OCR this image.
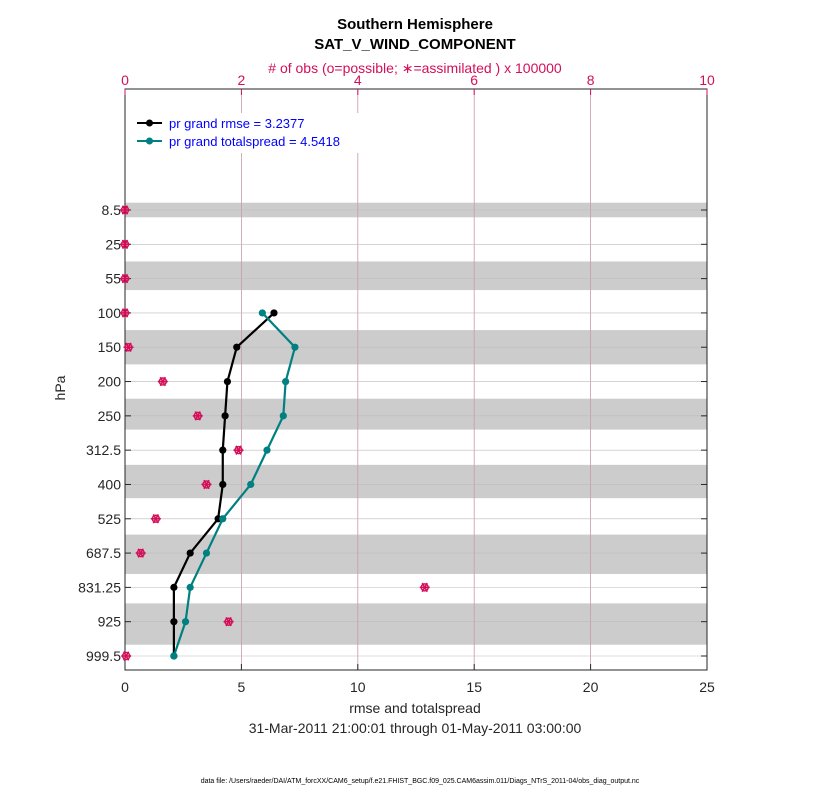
0	5	10	15	20	25
0	2	4	6	8	10
8.5
25
55
100
150
200
250
312.5
400
525
687.5
831.25
925
999.5
pr grand rmse = 3.2377
pr grand totalspread = 4.5418
Southern Hemisphere
SAT_V_WIND_COMPONENT
# of obs (o=possible; ∗=assimilated ) x 100000
rmse and totalspread
31-Mar-2011 21:00:01 through 01-May-2011 03:00:00
hPa
data file: /Users/raeder/DAI/ATM_forcXX/CAM6_setup/f.e21.FHIST_BGC.f09_025.CAM6assim.011/Diags_NTrS_2011-04/obs_diag_output.nc
